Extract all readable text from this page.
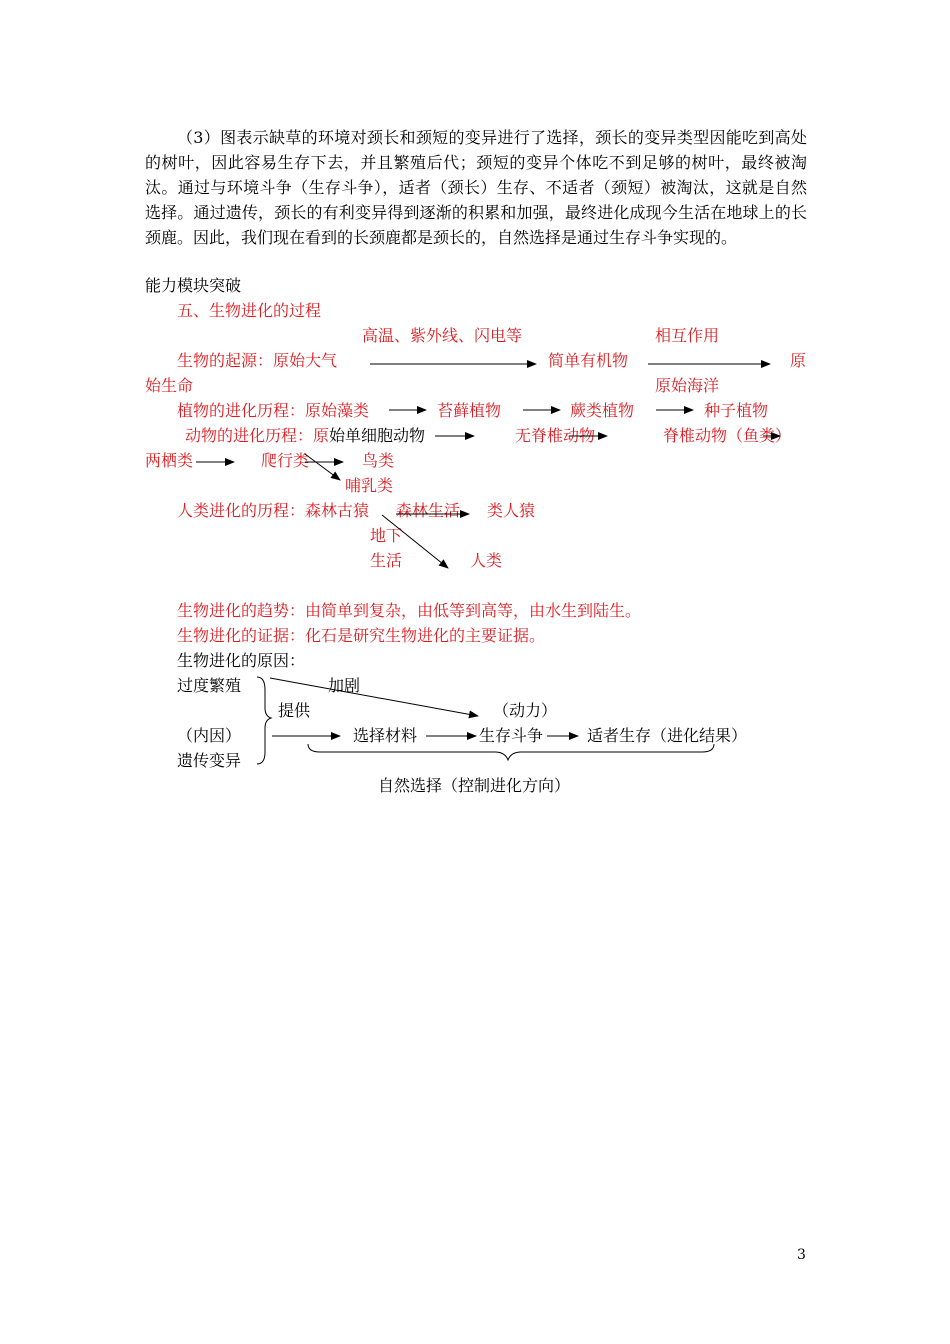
（3）图表示缺草的环境对颈长和颈短的变异进行了选择，颈长的变异类型因能吃到高处的树叶，因此容易生存下去，并且繁殖后代；颈短的变异个体吃不到足够的树叶，最终被淘汰。通过与环境斗争（生存斗争），适者（颈长）生存、不适者（颈短）被淘汰，这就是自然选择。通过遗传，颈长的有利变异得到逐渐的积累和加强，最终进化成现今生活在地球上的长颈鹿。因此，我们现在看到的长颈鹿都是颈长的，自然选择是通过生存斗争实现的。
能力模块突破
五、生物进化的过程
高温、紫外线、闪电等	相互作用
生物的起源：原始大气	简单有机物	原
始生命	原始海洋
植物的进化历程：原始藻类	苔藓植物	蕨类植物	种子植物
动物的进化历程：原始单细胞动物	无脊椎动物	脊椎动物（鱼类）
两栖类	爬行类	鸟类
哺乳类
人类进化的历程：森林古猿 森林生活 类人猿
地下
生活	人类
生物进化的趋势：由简单到复杂，由低等到高等，由水生到陆生。
生物进化的证据：化石是研究生物进化的主要证据。
生物进化的原因：
过度繁殖	加剧
提供	（动力）
（内因）	选择材料	生存斗争	适者生存（进化结果）
遗传变异
自然选择（控制进化方向）
3
